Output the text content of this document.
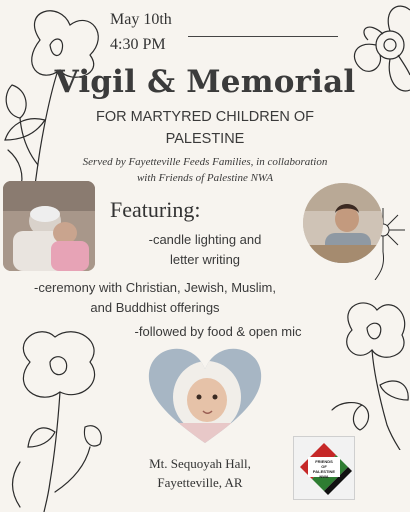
May 10th
4:30 PM
Vigil & Memorial
FOR MARTYRED CHILDREN OF
PALESTINE
Served by Fayetteville Feeds Families, in collaboration
with Friends of Palestine NWA
Featuring:
-candle lighting and
letter writing
-ceremony with Christian, Jewish, Muslim,
and Buddhist offerings
-followed by food & open mic
Mt. Sequoyah Hall,
Fayetteville, AR
FRIENDS
OF
PALESTINE
NWA
